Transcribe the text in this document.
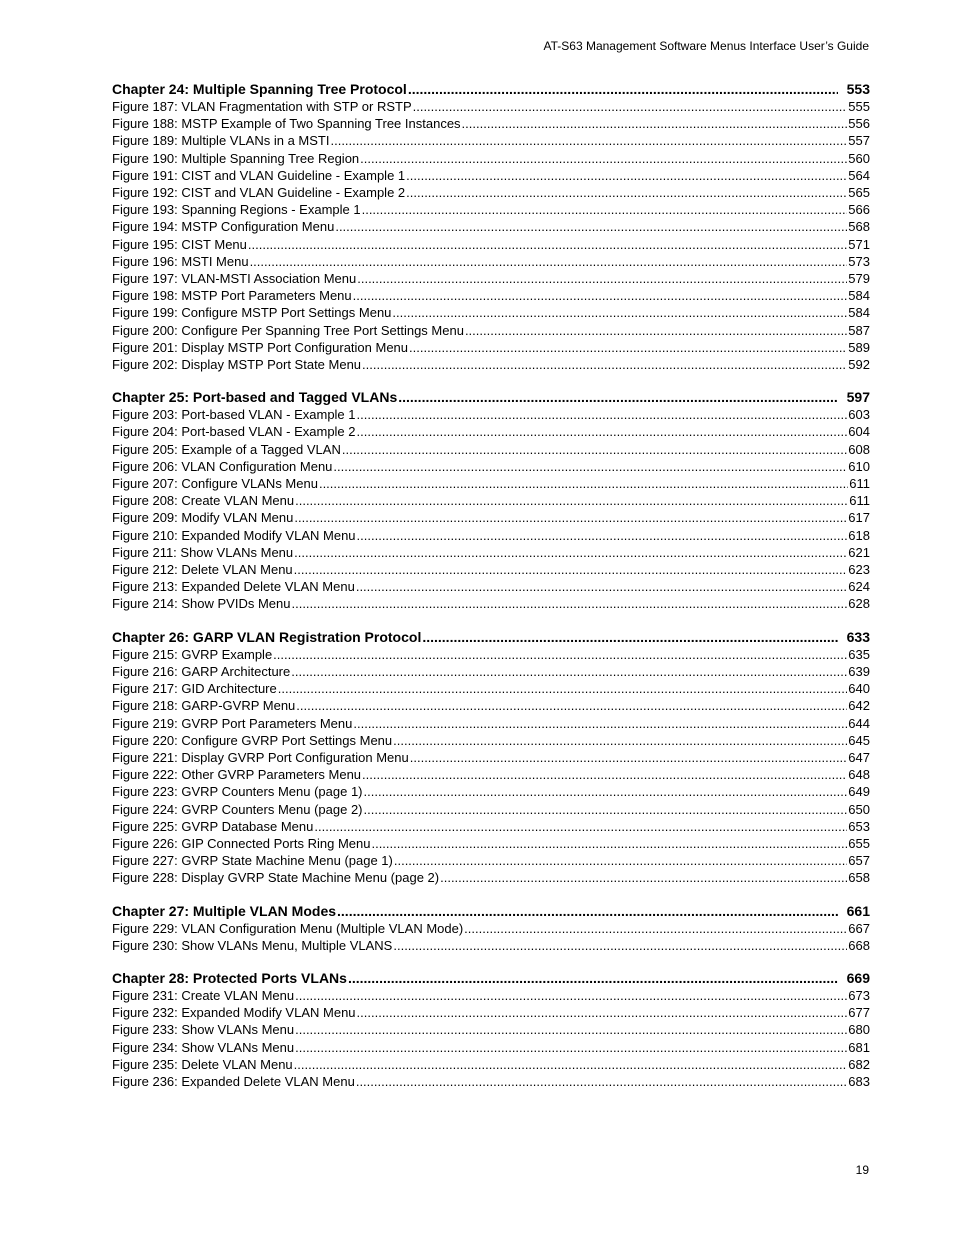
AT-S63 Management Software Menus Interface User’s Guide
Chapter 24: Multiple Spanning Tree Protocol .....	553
Figure 187: VLAN Fragmentation with STP or RSTP .....	555
Figure 188: MSTP Example of Two Spanning Tree Instances .....	556
Figure 189: Multiple VLANs in a MSTI .....	557
Figure 190: Multiple Spanning Tree Region .....	560
Figure 191: CIST and VLAN Guideline - Example 1 .....	564
Figure 192: CIST and VLAN Guideline - Example 2 .....	565
Figure 193: Spanning Regions - Example 1 .....	566
Figure 194: MSTP Configuration Menu .....	568
Figure 195: CIST Menu .....	571
Figure 196: MSTI Menu .....	573
Figure 197: VLAN-MSTI Association Menu .....	579
Figure 198: MSTP Port Parameters Menu .....	584
Figure 199: Configure MSTP Port Settings Menu .....	584
Figure 200: Configure Per Spanning Tree Port Settings Menu .....	587
Figure 201: Display MSTP Port Configuration Menu .....	589
Figure 202: Display MSTP Port State Menu .....	592
Chapter 25: Port-based and Tagged VLANs .....	597
Figure 203: Port-based VLAN - Example 1 .....	603
Figure 204: Port-based VLAN - Example 2 .....	604
Figure 205: Example of a Tagged VLAN .....	608
Figure 206: VLAN Configuration Menu .....	610
Figure 207: Configure VLANs Menu .....	611
Figure 208: Create VLAN Menu .....	611
Figure 209: Modify VLAN Menu .....	617
Figure 210: Expanded Modify VLAN Menu .....	618
Figure 211: Show VLANs Menu .....	621
Figure 212: Delete VLAN Menu .....	623
Figure 213: Expanded Delete VLAN Menu .....	624
Figure 214: Show PVIDs Menu .....	628
Chapter 26: GARP VLAN Registration Protocol .....	633
Figure 215: GVRP Example .....	635
Figure 216: GARP Architecture .....	639
Figure 217: GID Architecture .....	640
Figure 218: GARP-GVRP Menu .....	642
Figure 219: GVRP Port Parameters Menu .....	644
Figure 220: Configure GVRP Port Settings Menu .....	645
Figure 221: Display GVRP Port Configuration Menu .....	647
Figure 222: Other GVRP Parameters Menu .....	648
Figure 223: GVRP Counters Menu (page 1) .....	649
Figure 224: GVRP Counters Menu (page 2) .....	650
Figure 225: GVRP Database Menu .....	653
Figure 226: GIP Connected Ports Ring Menu .....	655
Figure 227: GVRP State Machine Menu (page 1) .....	657
Figure 228: Display GVRP State Machine Menu (page 2) .....	658
Chapter 27: Multiple VLAN Modes .....	661
Figure 229: VLAN Configuration Menu (Multiple VLAN Mode) .....	667
Figure 230: Show VLANs Menu, Multiple VLANS .....	668
Chapter 28: Protected Ports VLANs .....	669
Figure 231: Create VLAN Menu .....	673
Figure 232: Expanded Modify VLAN Menu .....	677
Figure 233: Show VLANs Menu .....	680
Figure 234: Show VLANs Menu .....	681
Figure 235: Delete VLAN Menu .....	682
Figure 236: Expanded Delete VLAN Menu .....	683
19
